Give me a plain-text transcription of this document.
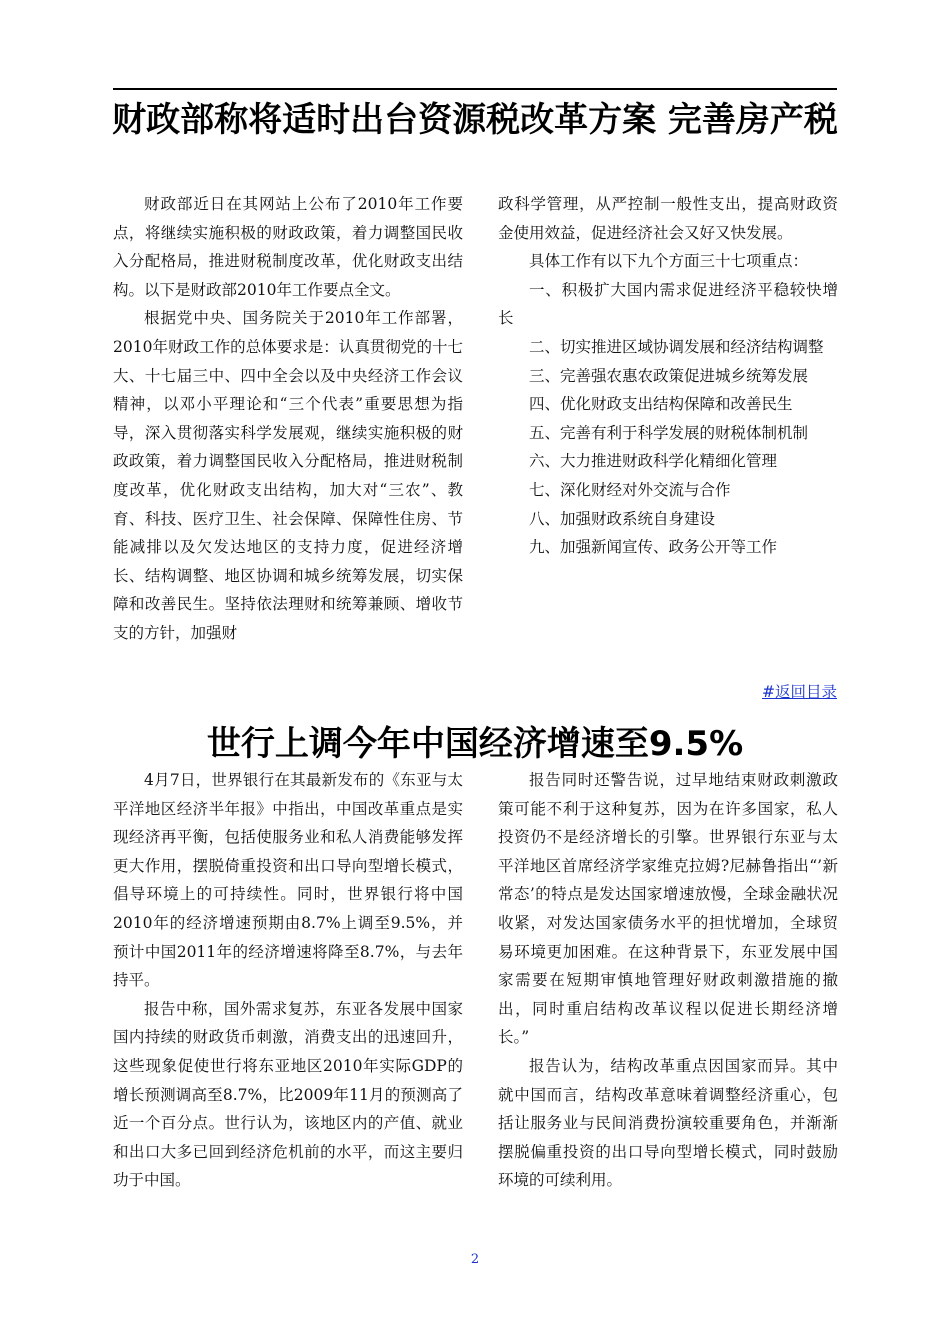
财政部称将适时出台资源税改革方案 完善房产税

财政部近日在其网站上公布了2010年工作要点，将继续实施积极的财政政策，着力调整国民收入分配格局，推进财税制度改革，优化财政支出结构。以下是财政部2010年工作要点全文。

根据党中央、国务院关于2010年工作部署，2010年财政工作的总体要求是：认真贯彻党的十七大、十七届三中、四中全会以及中央经济工作会议精神，以邓小平理论和“三个代表”重要思想为指导，深入贯彻落实科学发展观，继续实施积极的财政政策，着力调整国民收入分配格局，推进财税制度改革，优化财政支出结构，加大对“三农”、教育、科技、医疗卫生、社会保障、保障性住房、节能减排以及欠发达地区的支持力度，促进经济增长、结构调整、地区协调和城乡统筹发展，切实保障和改善民生。坚持依法理财和统筹兼顾、增收节支的方针，加强财

政科学管理，从严控制一般性支出，提高财政资金使用效益，促进经济社会又好又快发展。

具体工作有以下九个方面三十七项重点：

一、积极扩大国内需求促进经济平稳较快增长

二、切实推进区域协调发展和经济结构调整

三、完善强农惠农政策促进城乡统筹发展

四、优化财政支出结构保障和改善民生

五、完善有利于科学发展的财税体制机制

六、大力推进财政科学化精细化管理

七、深化财经对外交流与合作

八、加强财政系统自身建设

九、加强新闻宣传、政务公开等工作

#返回目录
世行上调今年中国经济增速至9.5%

4月7日，世界银行在其最新发布的《东亚与太平洋地区经济半年报》中指出，中国改革重点是实现经济再平衡，包括使服务业和私人消费能够发挥更大作用，摆脱倚重投资和出口导向型增长模式，倡导环境上的可持续性。同时，世界银行将中国2010年的经济增速预期由8.7%上调至9.5%，并预计中国2011年的经济增速将降至8.7%，与去年持平。

报告中称，国外需求复苏，东亚各发展中国家国内持续的财政货币刺激，消费支出的迅速回升，这些现象促使世行将东亚地区2010年实际GDP的增长预测调高至8.7%，比2009年11月的预测高了近一个百分点。世行认为，该地区内的产值、就业和出口大多已回到经济危机前的水平，而这主要归功于中国。

报告同时还警告说，过早地结束财政刺激政策可能不利于这种复苏，因为在许多国家，私人投资仍不是经济增长的引擎。世界银行东亚与太平洋地区首席经济学家维克拉姆?尼赫鲁指出“’新常态’的特点是发达国家增速放慢，全球金融状况收紧，对发达国家债务水平的担忧增加，全球贸易环境更加困难。在这种背景下，东亚发展中国家需要在短期审慎地管理好财政刺激措施的撤出，同时重启结构改革议程以促进长期经济增长。”

报告认为，结构改革重点因国家而异。其中就中国而言，结构改革意味着调整经济重心，包括让服务业与民间消费扮演较重要角色，并渐渐摆脱偏重投资的出口导向型增长模式，同时鼓励环境的可续利用。

2
